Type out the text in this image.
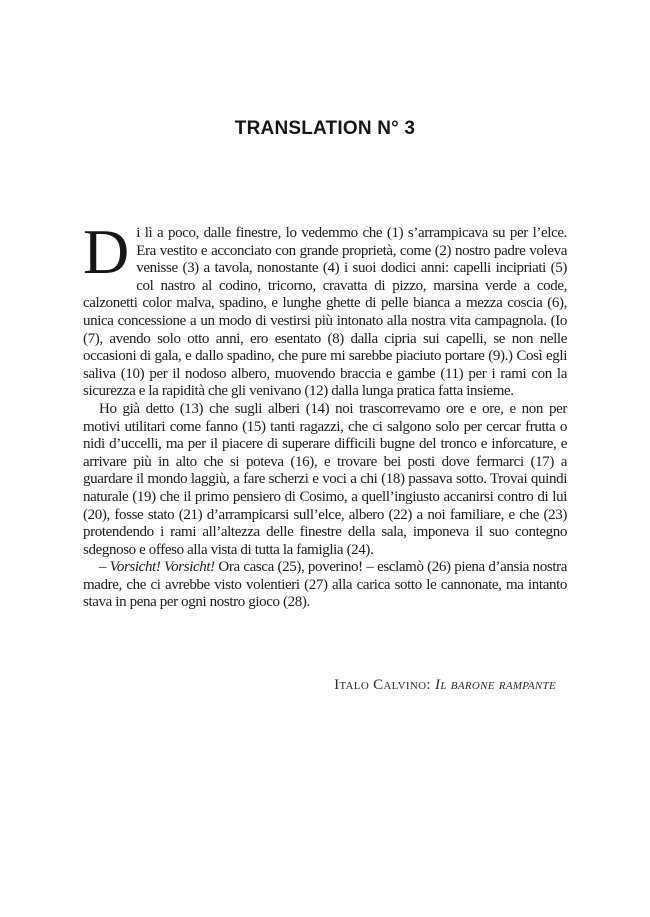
TRANSLATION N° 3

Di lì a poco, dalle finestre, lo vedemmo che (1) s’arrampicava su per l’elce. Era vestito e acconciato con grande proprietà, come (2) nostro padre voleva venisse (3) a tavola, nonostante (4) i suoi dodici anni: capelli incipriati (5) col nastro al codino, tricorno, cravatta di pizzo, marsina verde a code, calzonetti color malva, spadino, e lunghe ghette di pelle bianca a mezza coscia (6), unica concessione a un modo di vestirsi più intonato alla nostra vita campagnola. (Io (7), avendo solo otto anni, ero esentato (8) dalla cipria sui capelli, se non nelle occasioni di gala, e dallo spadino, che pure mi sarebbe piaciuto portare (9).) Così egli saliva (10) per il nodoso albero, muovendo braccia e gambe (11) per i rami con la sicurezza e la rapidità che gli venivano (12) dalla lunga pratica fatta insieme.

Ho già detto (13) che sugli alberi (14) noi trascorrevamo ore e ore, e non per motivi utilitari come fanno (15) tanti ragazzi, che ci salgono solo per cercar frutta o nidi d’uccelli, ma per il piacere di superare difficili bugne del tronco e inforcature, e arrivare più in alto che si poteva (16), e trovare bei posti dove fermarci (17) a guardare il mondo laggiù, a fare scherzi e voci a chi (18) passava sotto. Trovai quindi naturale (19) che il primo pensiero di Cosimo, a quell’ingiusto accanirsi contro di lui (20), fosse stato (21) d’arrampicarsi sull’elce, albero (22) a noi familiare, e che (23) protendendo i rami all’altezza delle finestre della sala, imponeva il suo contegno sdegnoso e offeso alla vista di tutta la famiglia (24).

– Vorsicht! Vorsicht! Ora casca (25), poverino! – esclamò (26) piena d’ansia nostra madre, che ci avrebbe visto volentieri (27) alla carica sotto le cannonate, ma intanto stava in pena per ogni nostro gioco (28).

Italo Calvino: Il barone rampante
